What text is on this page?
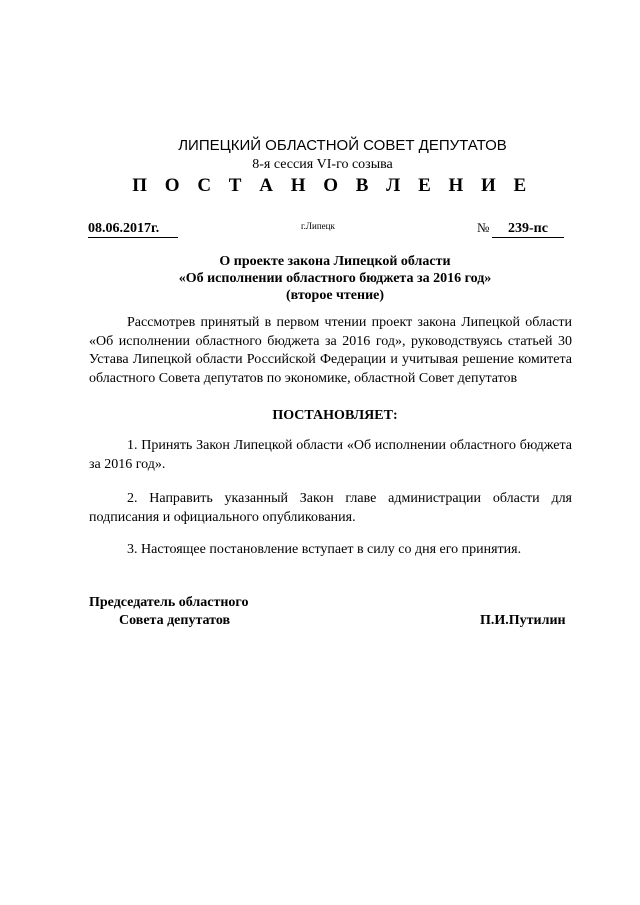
ЛИПЕЦКИЙ ОБЛАСТНОЙ СОВЕТ ДЕПУТАТОВ
8-я сессия VI-го созыва
П О С Т А Н О В Л Е Н И Е
08.06.2017г.	г.Липецк	№	239-пс
О проекте закона Липецкой области
«Об исполнении областного бюджета за 2016 год»
(второе чтение)

Рассмотрев принятый в первом чтении проект закона Липецкой области «Об исполнении областного бюджета за 2016 год», руководствуясь статьей 30 Устава Липецкой области Российской Федерации и учитывая решение комитета областного Совета депутатов по экономике, областной Совет депутатов

ПОСТАНОВЛЯЕТ:

1. Принять Закон Липецкой области «Об исполнении областного бюджета за 2016 год».

2. Направить указанный Закон главе администрации области для подписания и официального опубликования.

3. Настоящее постановление вступает в силу со дня его принятия.

Председатель областного
Совета депутатов	П.И.Путилин
